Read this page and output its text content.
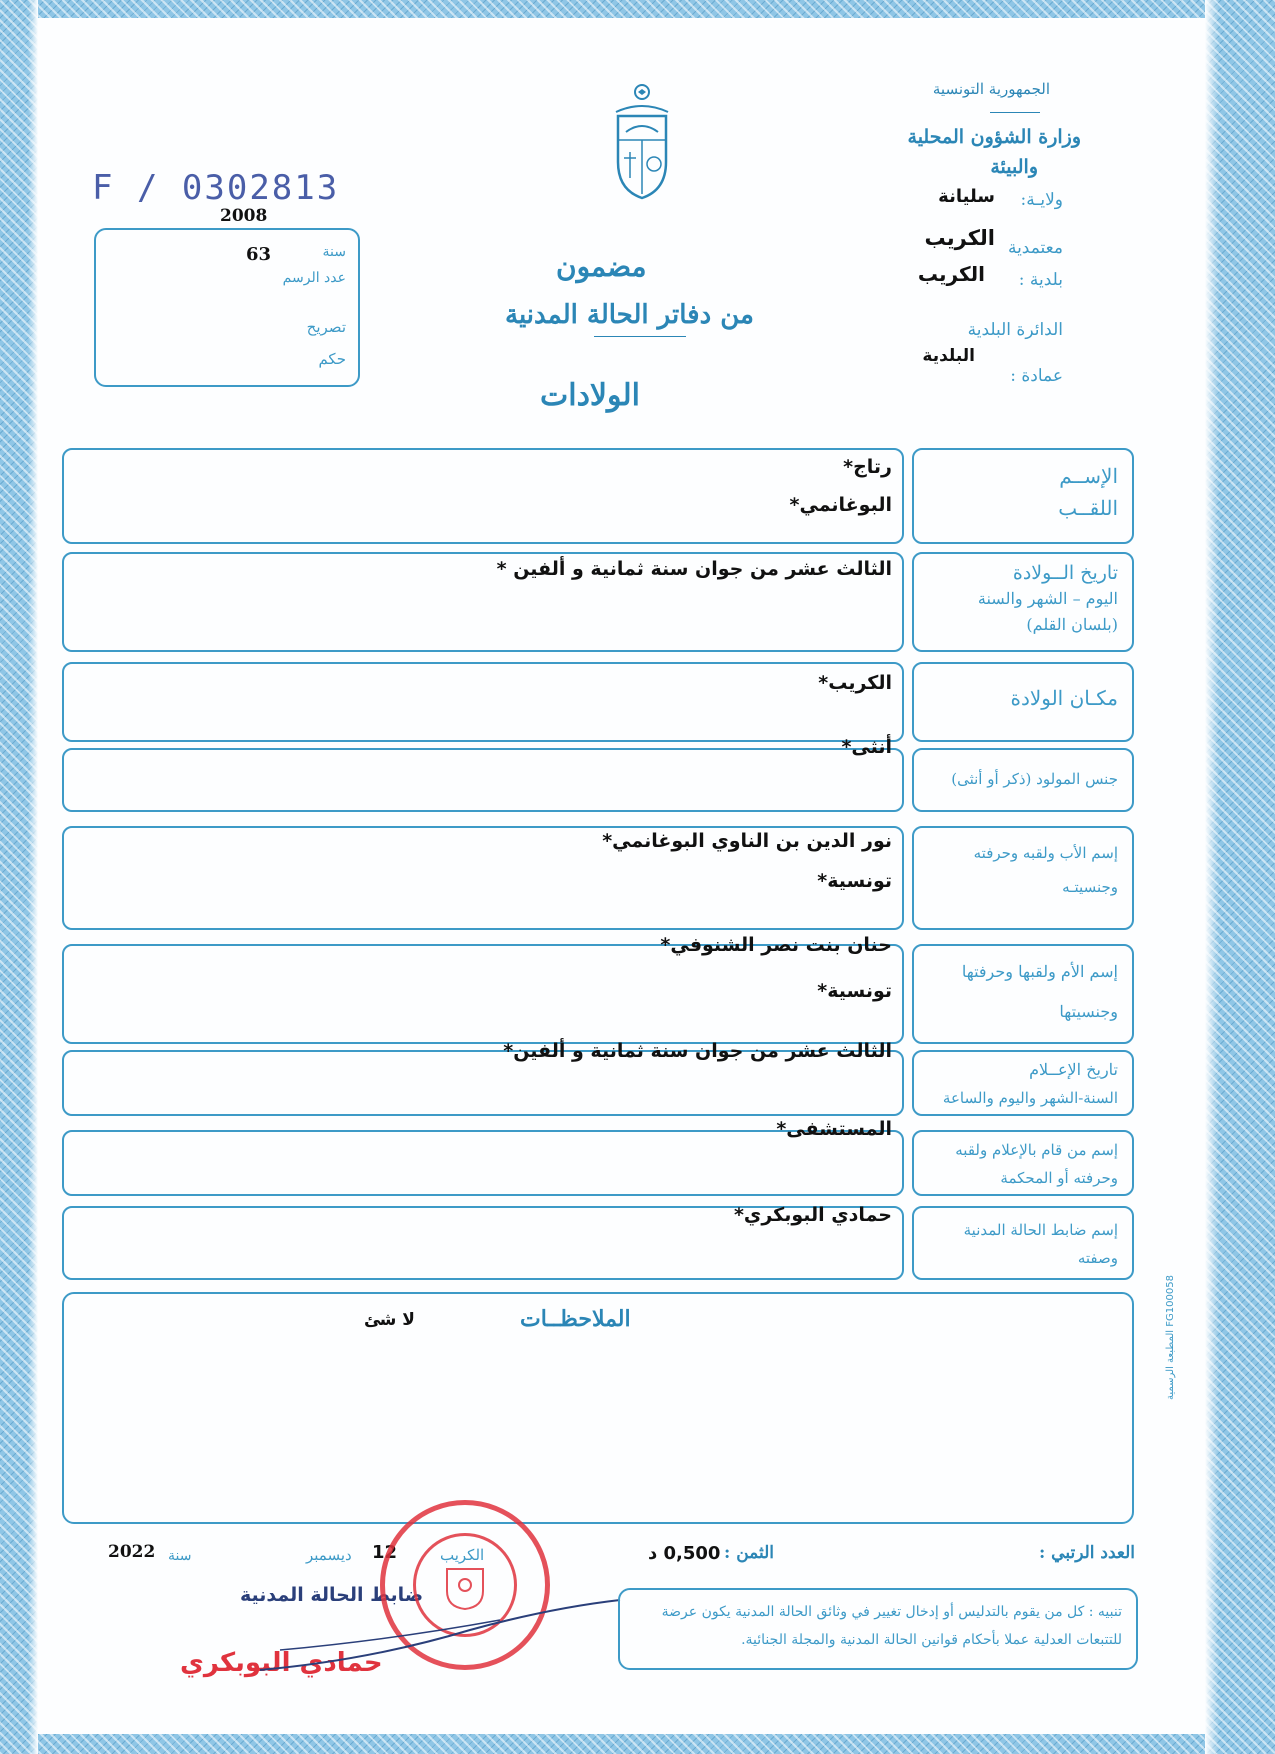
الجمهورية التونسية
وزارة الشؤون المحلية
والبيئة
ولايـة:
سليانة
معتمدية
الكريب
بلدية :
الكريب
الدائرة البلدية
عمادة :
البلدية
F / 0302813
2008
سنة
63
عدد الرسم
تصريح
حكم
مضمون
من دفاتر الحالة المدنية
الولادات
رتاج*
البوغانمي*
الإســم
اللقــب
الثالث عشر من جوان سنة ثمانية و ألفين *	تاريخ الــولادة
اليوم – الشهر والسنة
(بلسان القلم)
الكريب*
مكـان الولادة
أنثى*
جنس المولود (ذكر أو أنثى)
نور الدين بن الناوي البوغانمي*
تونسية*
إسم الأب ولقبه وحرفته
وجنسيتـه
حنان بنت نصر الشنوفي*
تونسية*
إسم الأم ولقبها وحرفتها
وجنسيتها
الثالث عشر من جوان سنة ثمانية و ألفين*
تاريخ الإعــلام
السنة-الشهر واليوم والساعة
المستشفى*
إسم من قام بالإعلام ولقبه
وحرفته أو المحكمة
حمادي البوبكري*
إسم ضابط الحالة المدنية
وصفته
الملاحظــات
لا شئ
المطبعة الرسمية FG100058
العدد الرتبي :
الثمن :
0,500 د
الكريب
12
ديسمبر
سنة
2022
ضابط الحالة المدنية
حمادي البوبكري
تنبيه : كل من يقوم بالتدليس أو إدخال تغيير في وثائق الحالة المدنية يكون عرضة
للتتبعات العدلية عملا بأحكام قوانين الحالة المدنية والمجلة الجنائية.
